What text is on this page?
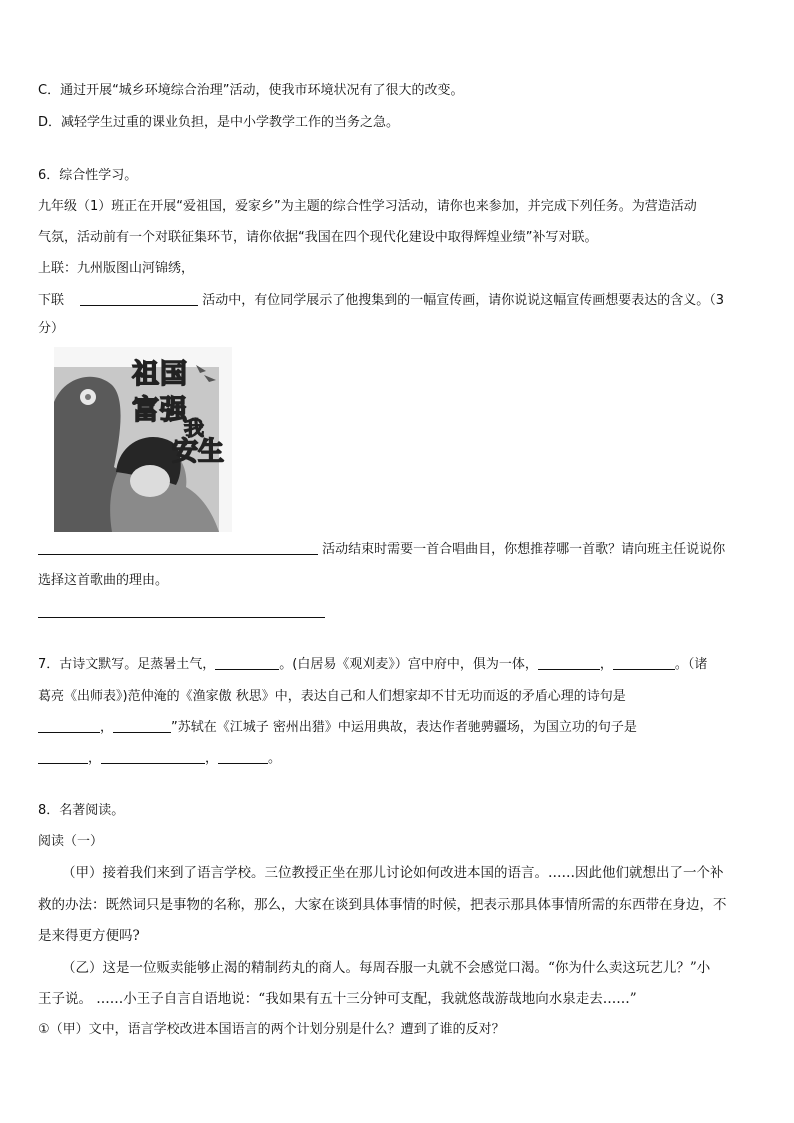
C．通过开展“城乡环境综合治理”活动，使我市环境状况有了很大的改变。
D．减轻学生过重的课业负担，是中小学教学工作的当务之急。
6．综合性学习。
九年级（1）班正在开展“爱祖国，爱家乡”为主题的综合性学习活动，请你也来参加，并完成下列任务。为营造活动
气氛，活动前有一个对联征集环节，请你依据“我国在四个现代化建设中取得辉煌业绩”补写对联。
上联：九州版图山河锦绣，
下联	活动中，有位同学展示了他搜集到的一幅宣传画，请你说说这幅宣传画想要表达的含义。（3
分）
祖国
富强
我
安生
活动结束时需要一首合唱曲目，你想推荐哪一首歌？请向班主任说说你
选择这首歌曲的理由。
7．古诗文默写。足蒸暑土气，	。(白居易《观刈麦》）宫中府中，俱为一体，	，	。（诸
葛亮《出师表》)范仲淹的《渔家傲 秋思》中，表达自己和人们想家却不甘无功而返的矛盾心理的诗句是
，	”苏轼在《江城子 密州出猎》中运用典故，表达作者驰骋疆场，为国立功的句子是
，	，	。
8．名著阅读。
阅读（一）
（甲）接着我们来到了语言学校。三位教授正坐在那儿讨论如何改进本国的语言。……因此他们就想出了一个补
救的办法：既然词只是事物的名称，那么，大家在谈到具体事情的时候，把表示那具体事情所需的东西带在身边，不
是来得更方便吗?
（乙）这是一位贩卖能够止渴的精制药丸的商人。每周吞服一丸就不会感觉口渴。“你为什么卖这玩艺儿？”小
王子说。 ……小王子自言自语地说：“我如果有五十三分钟可支配，我就悠哉游哉地向水泉走去……”
①（甲）文中，语言学校改进本国语言的两个计划分别是什么？遭到了谁的反对？
